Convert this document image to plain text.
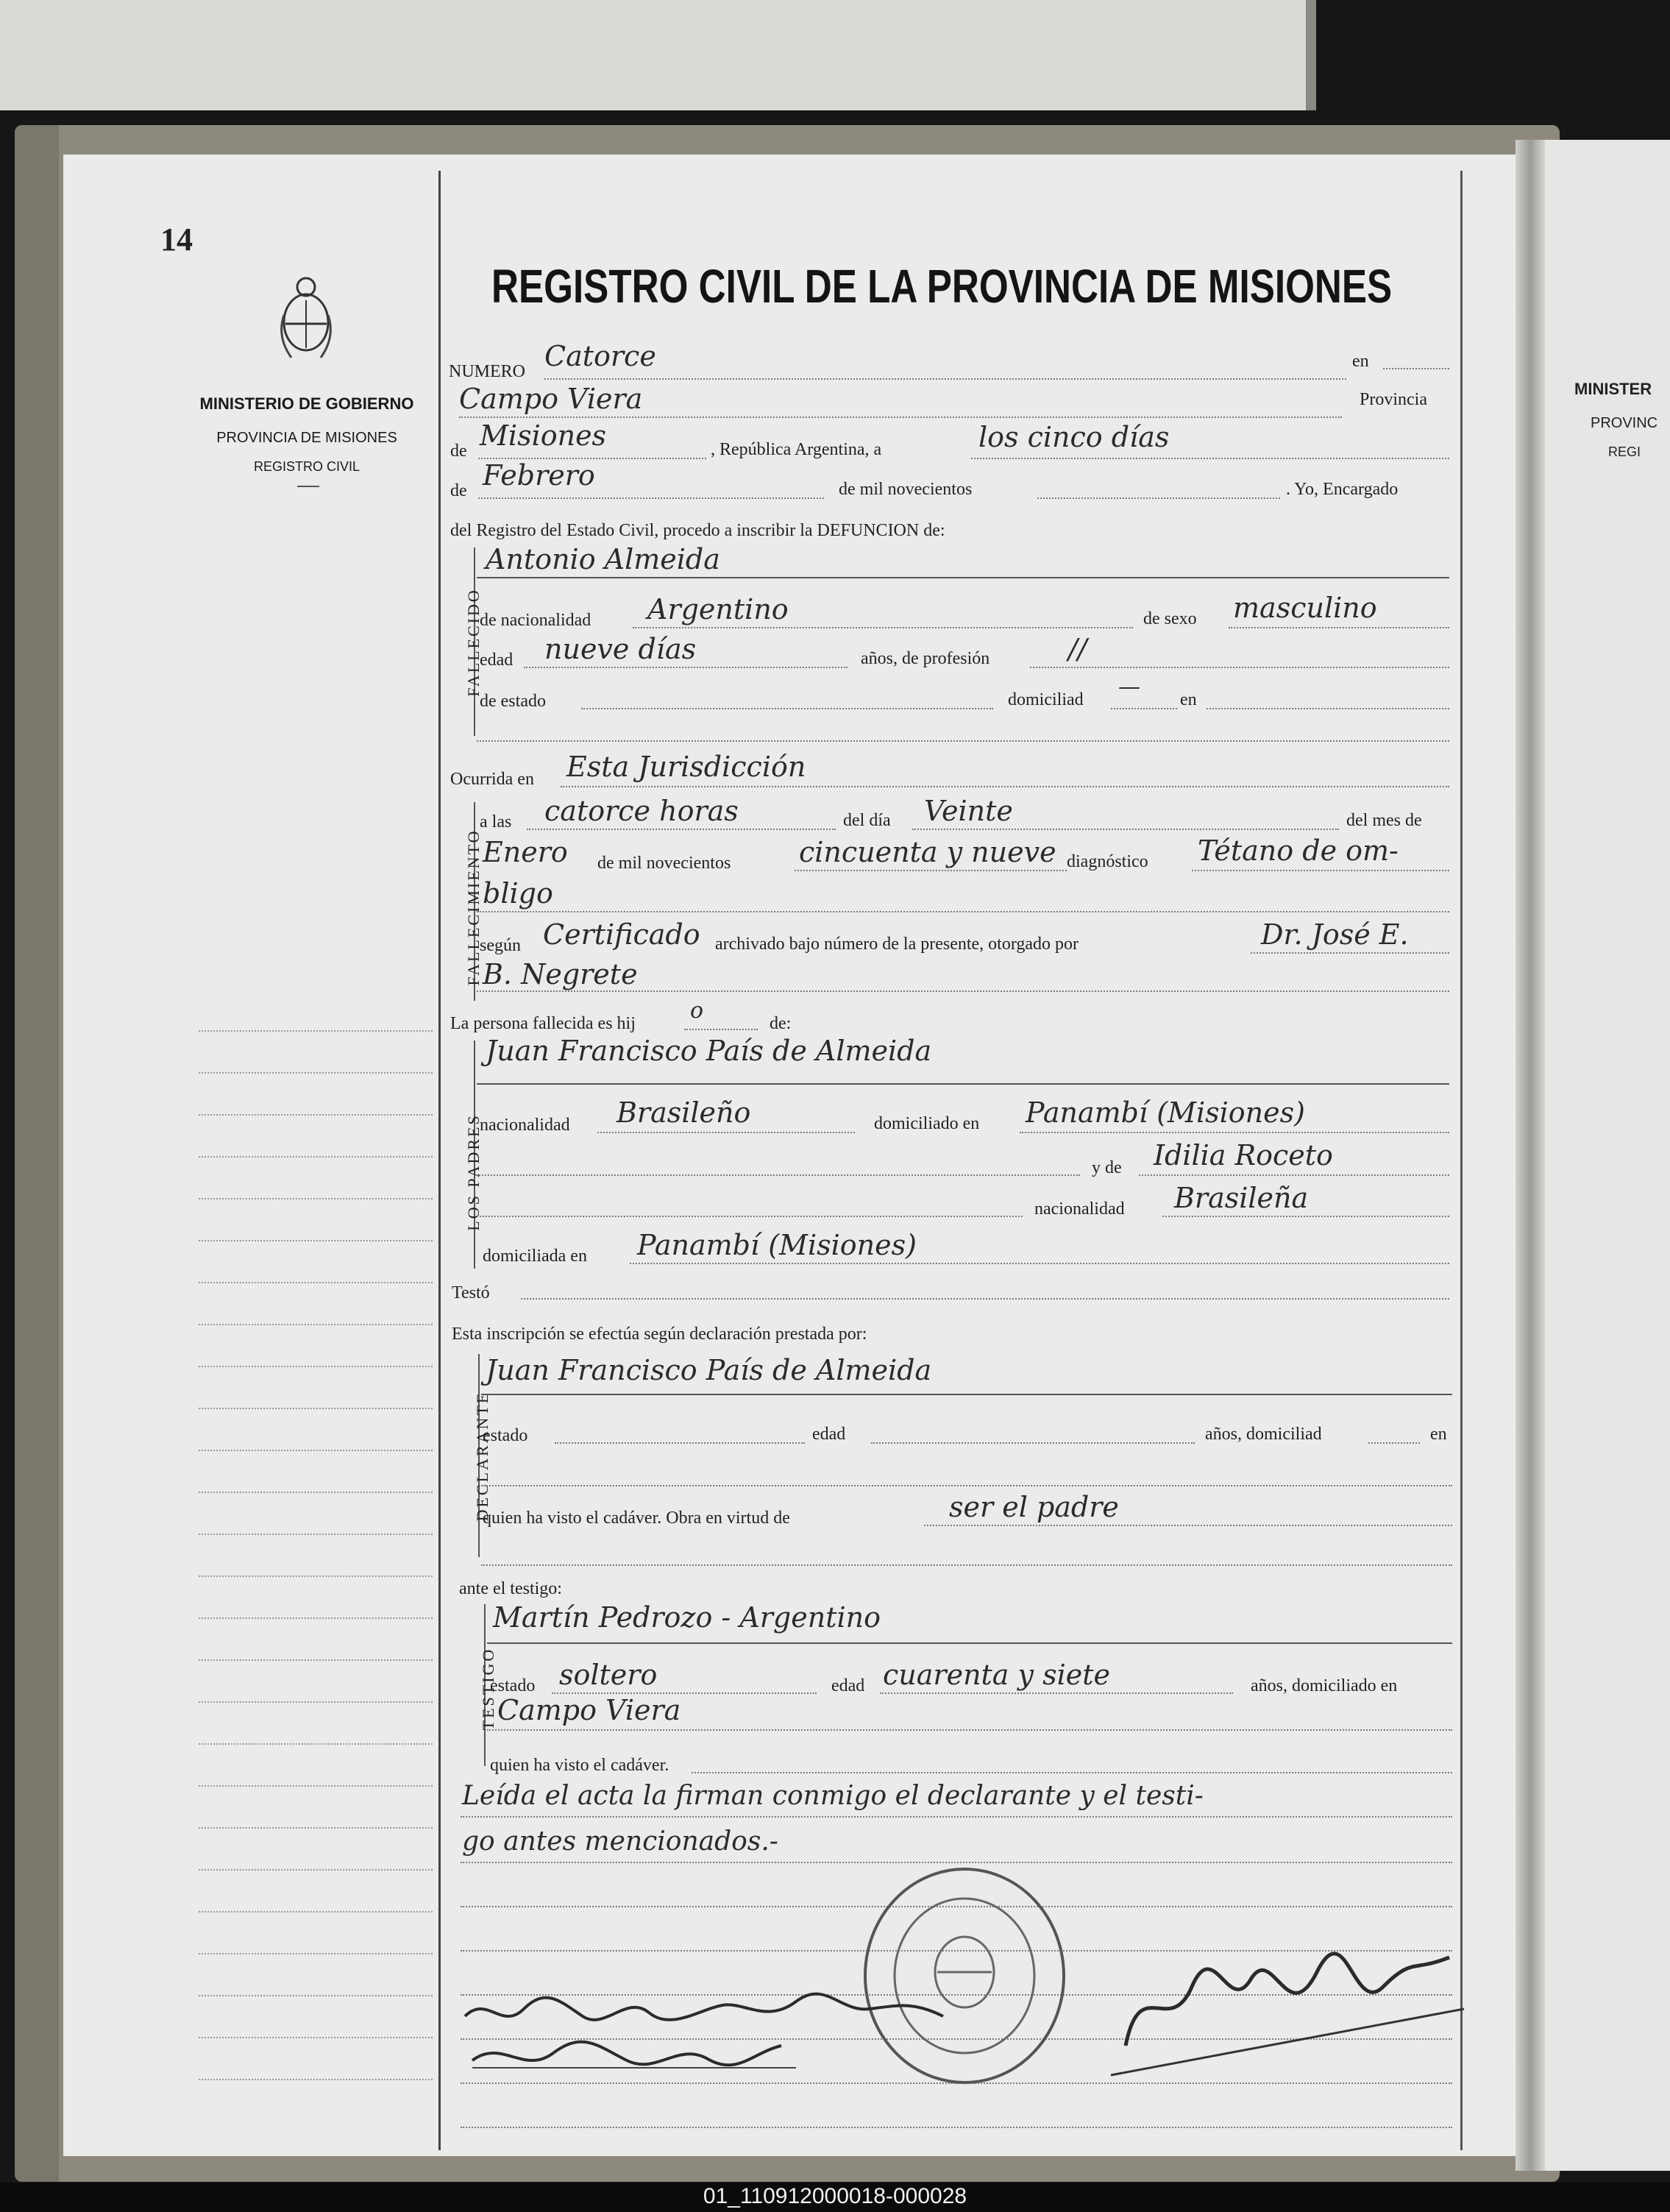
MINISTER
PROVINC
REGI
14
MINISTERIO DE GOBIERNO
PROVINCIA DE MISIONES
REGISTRO CIVIL
REGISTRO CIVIL DE LA PROVINCIA DE MISIONES
NUMERO Catorce	en
Campo Viera	Provincia
de Misiones	, República Argentina, a	los cinco días
de Febrero	de mil novecientos	. Yo, Encargado
del Registro del Estado Civil, procedo a inscribir la DEFUNCION de:
FALLECIDO
Antonio Almeida
de nacionalidad Argentino	de sexo masculino
edad nueve días	años, de profesión	//
de estado	domiciliad — en
Ocurrida en Esta Jurisdicción
FALLECIMIENTO
a las catorce horas	del día Veinte	del mes de
Enero de mil novecientos cincuenta y nueve diagnóstico Tétano de om-
bligo
según Certificado archivado bajo número de la presente, otorgado por	Dr. José E.
B. Negrete
La persona fallecida es hij o	de:
LOS PADRES
Juan Francisco País de Almeida
nacionalidad Brasileño	domiciliado en Panambí (Misiones)
y de Idilia Roceto
nacionalidad Brasileña
domiciliada en Panambí (Misiones)
Testó
Esta inscripción se efectúa según declaración prestada por:
DECLARANTE
Juan Francisco País de Almeida
estado	edad	años, domiciliad	en
quien ha visto el cadáver. Obra en virtud de	ser el padre
ante el testigo:
TESTIGO
Martín Pedrozo - Argentino
estado soltero	edad cuarenta y siete	años, domiciliado en
Campo Viera
quien ha visto el cadáver.
Leída el acta la firman conmigo el declarante y el testi-
go antes mencionados.-
01_110912000018-000028
